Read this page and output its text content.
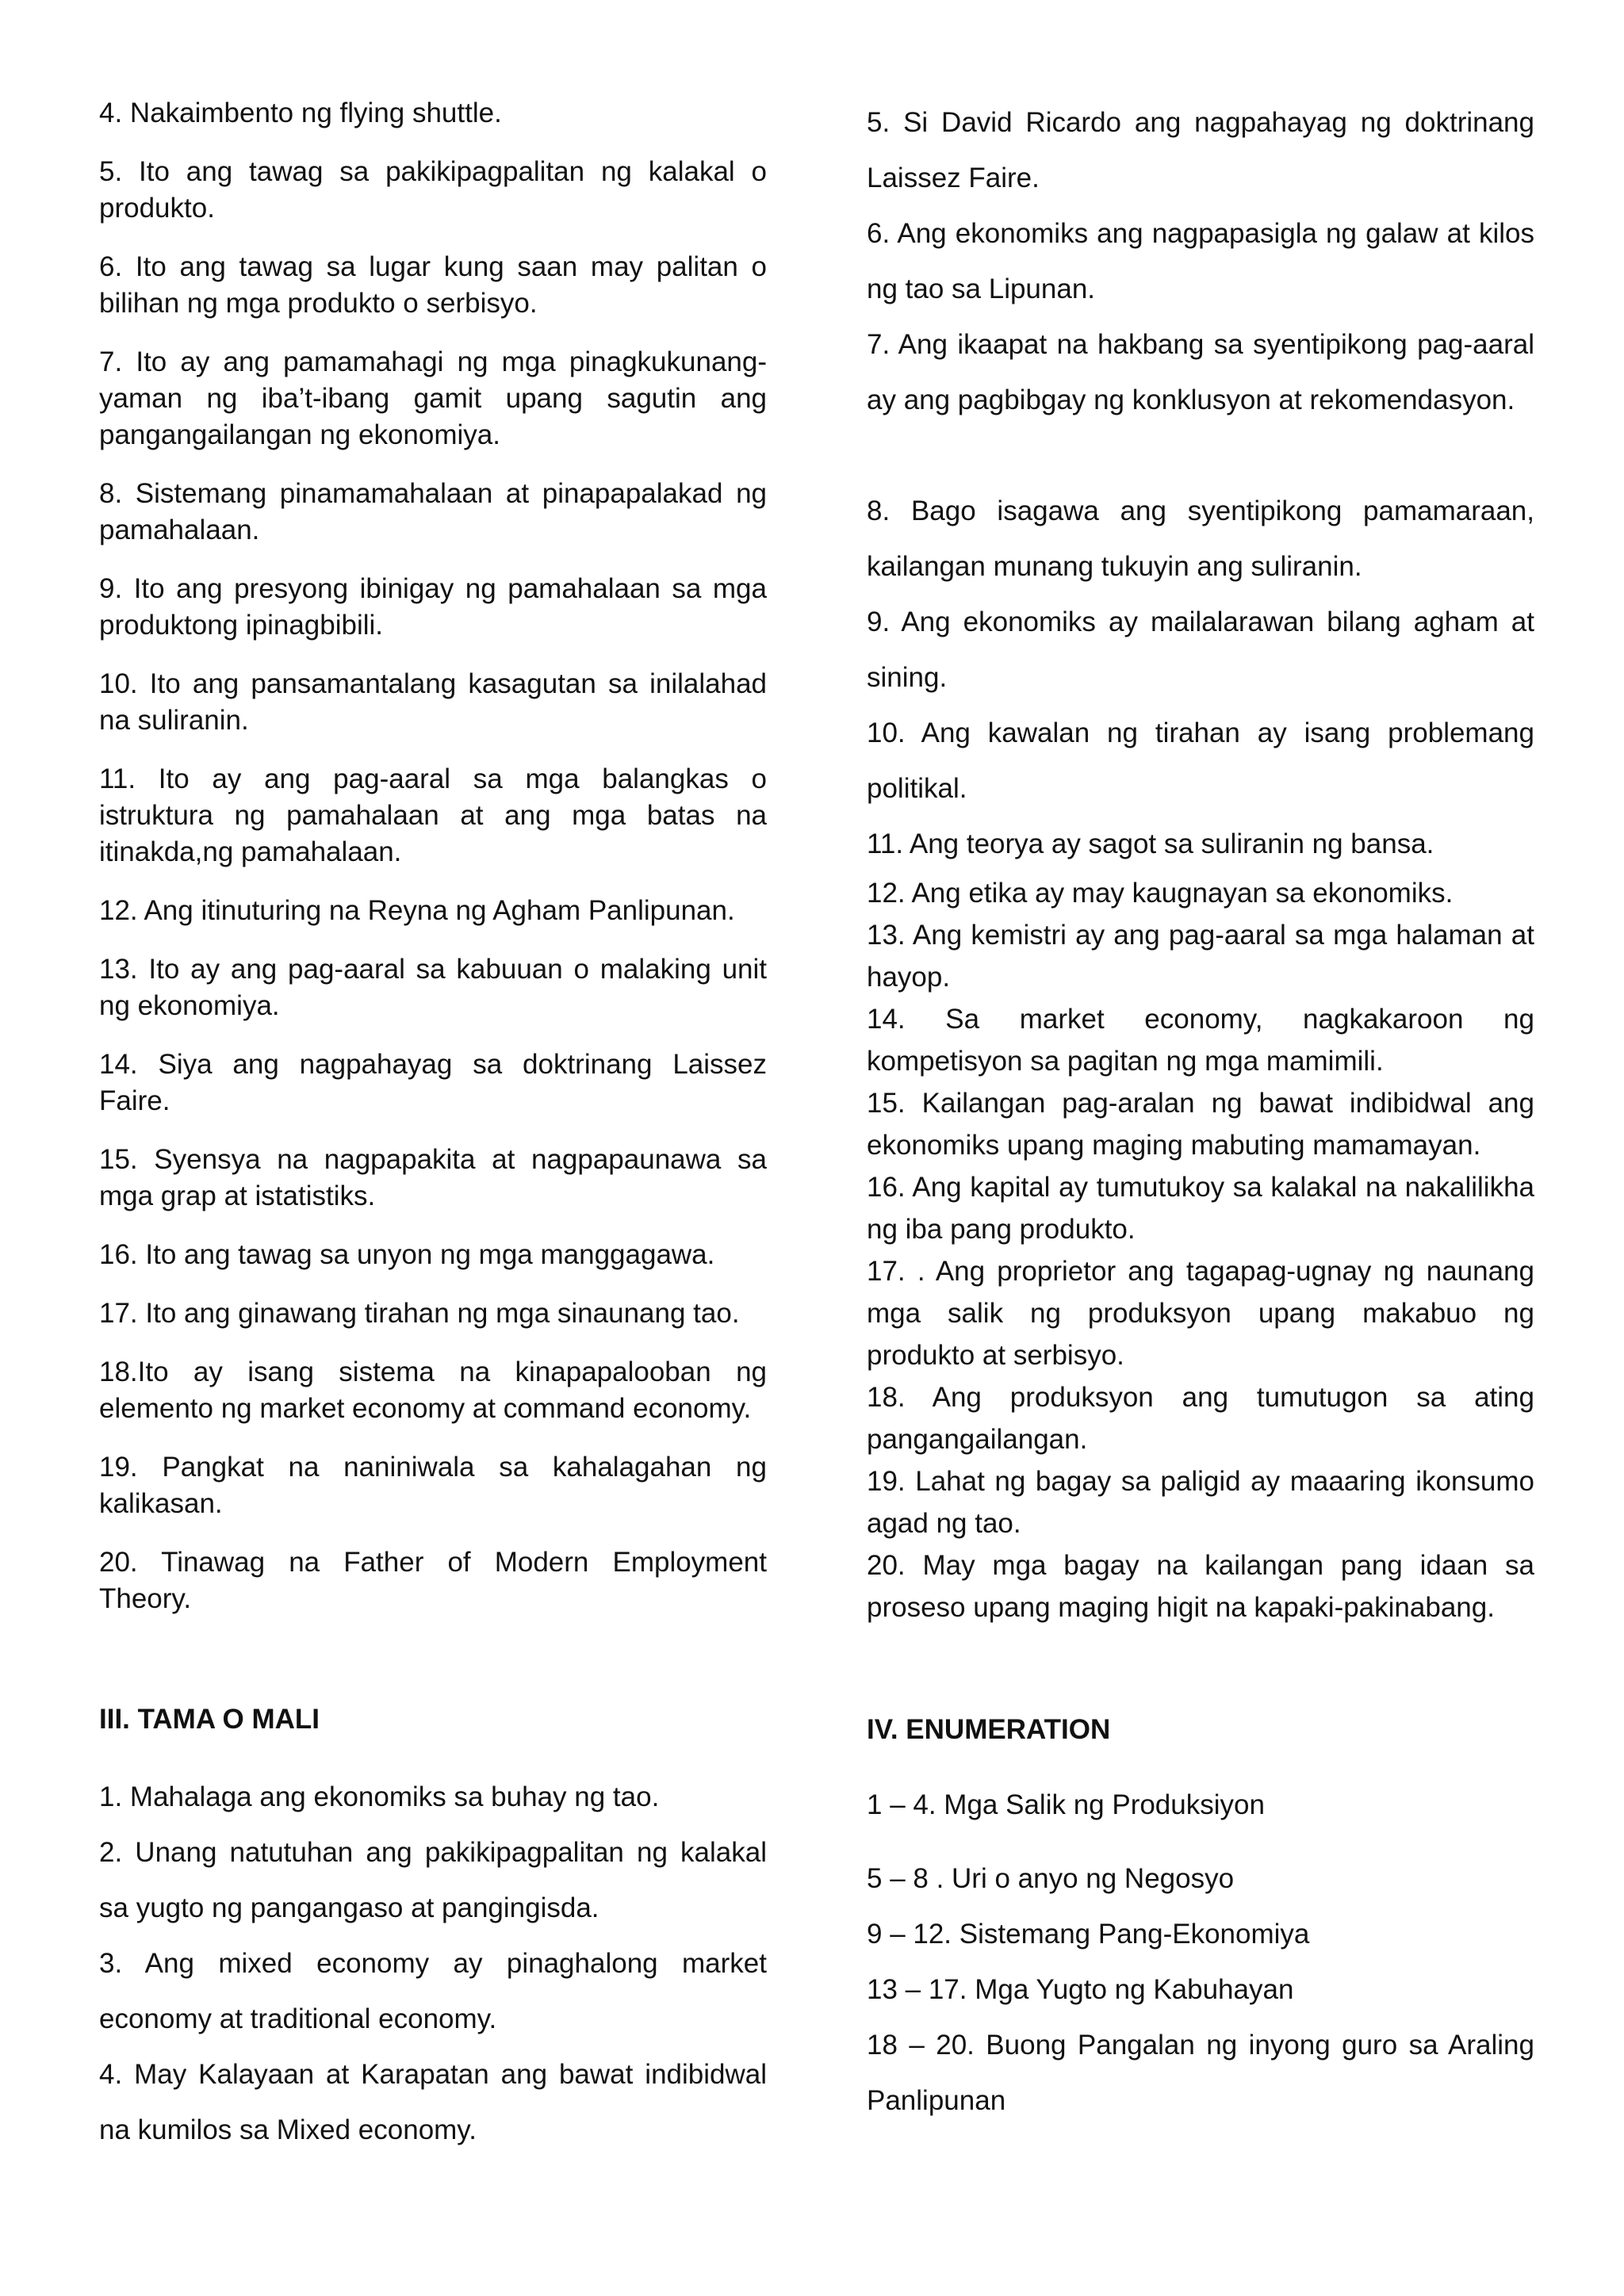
4. Nakaimbento ng flying shuttle.

5. Ito ang tawag sa pakikipagpalitan ng kalakal o produkto.

6. Ito ang tawag sa lugar kung saan may palitan o bilihan ng mga produkto o serbisyo.

7. Ito ay ang pamamahagi ng mga pinagkukunang-yaman ng iba’t-ibang gamit upang sagutin ang pangangailangan ng ekonomiya.

8. Sistemang pinamamahalaan at pinapapalakad ng pamahalaan.

9. Ito ang presyong ibinigay ng pamahalaan sa mga produktong ipinagbibili.

10. Ito ang pansamantalang kasagutan sa inilalahad na suliranin.

11. Ito ay ang pag-aaral sa mga balangkas o istruktura ng pamahalaan at ang mga batas na itinakda,ng pamahalaan.

12. Ang itinuturing na Reyna ng Agham Panlipunan.

13. Ito ay ang pag-aaral sa kabuuan o malaking unit ng ekonomiya.

14. Siya ang nagpahayag sa doktrinang Laissez Faire.

15. Syensya na nagpapakita at nagpapaunawa sa mga grap at istatistiks.

16. Ito ang tawag sa unyon ng mga manggagawa.

17. Ito ang ginawang tirahan ng mga sinaunang tao.

18.Ito ay isang sistema na kinapapalooban ng elemento ng market economy at command economy.

19. Pangkat na naniniwala sa kahalagahan ng kalikasan.

20. Tinawag na Father of Modern Employment Theory.

III. TAMA O MALI

1. Mahalaga ang ekonomiks sa buhay ng tao.

2. Unang natutuhan ang pakikipagpalitan ng kalakal sa yugto ng pangangaso at pangingisda.

3. Ang mixed economy ay pinaghalong market economy at traditional economy.

4. May Kalayaan at Karapatan ang bawat indibidwal na kumilos sa Mixed economy.

5. Si David Ricardo ang nagpahayag ng doktrinang Laissez Faire.

6. Ang ekonomiks ang nagpapasigla ng galaw at kilos ng tao sa Lipunan.

7. Ang ikaapat na hakbang sa syentipikong pag-aaral ay ang pagbibgay ng konklusyon at rekomendasyon.

8. Bago isagawa ang syentipikong pamamaraan, kailangan munang tukuyin ang suliranin.

9. Ang ekonomiks ay mailalarawan bilang agham at sining.

10. Ang kawalan ng tirahan ay isang problemang politikal.

11. Ang teorya ay sagot sa suliranin ng bansa.

12. Ang etika ay may kaugnayan sa ekonomiks.

13. Ang kemistri ay ang pag-aaral sa mga halaman at hayop.

14. Sa market economy, nagkakaroon ng kompetisyon sa pagitan ng mga mamimili.

15. Kailangan pag-aralan ng bawat indibidwal ang ekonomiks upang maging mabuting mamamayan.

16. Ang kapital ay tumutukoy sa kalakal na nakalilikha ng iba pang produkto.

17. . Ang proprietor ang tagapag-ugnay ng naunang mga salik ng produksyon upang makabuo ng produkto at serbisyo.

18. Ang produksyon ang tumutugon sa ating pangangailangan.

19. Lahat ng bagay sa paligid ay maaaring ikonsumo agad ng tao.

20. May mga bagay na kailangan pang idaan sa proseso upang maging higit na kapaki-pakinabang.

IV. ENUMERATION

1 – 4. Mga Salik ng Produksiyon

5 – 8 . Uri o anyo ng Negosyo

9 – 12. Sistemang Pang-Ekonomiya

13 – 17. Mga Yugto ng Kabuhayan

18 – 20. Buong Pangalan ng inyong guro sa Araling Panlipunan
